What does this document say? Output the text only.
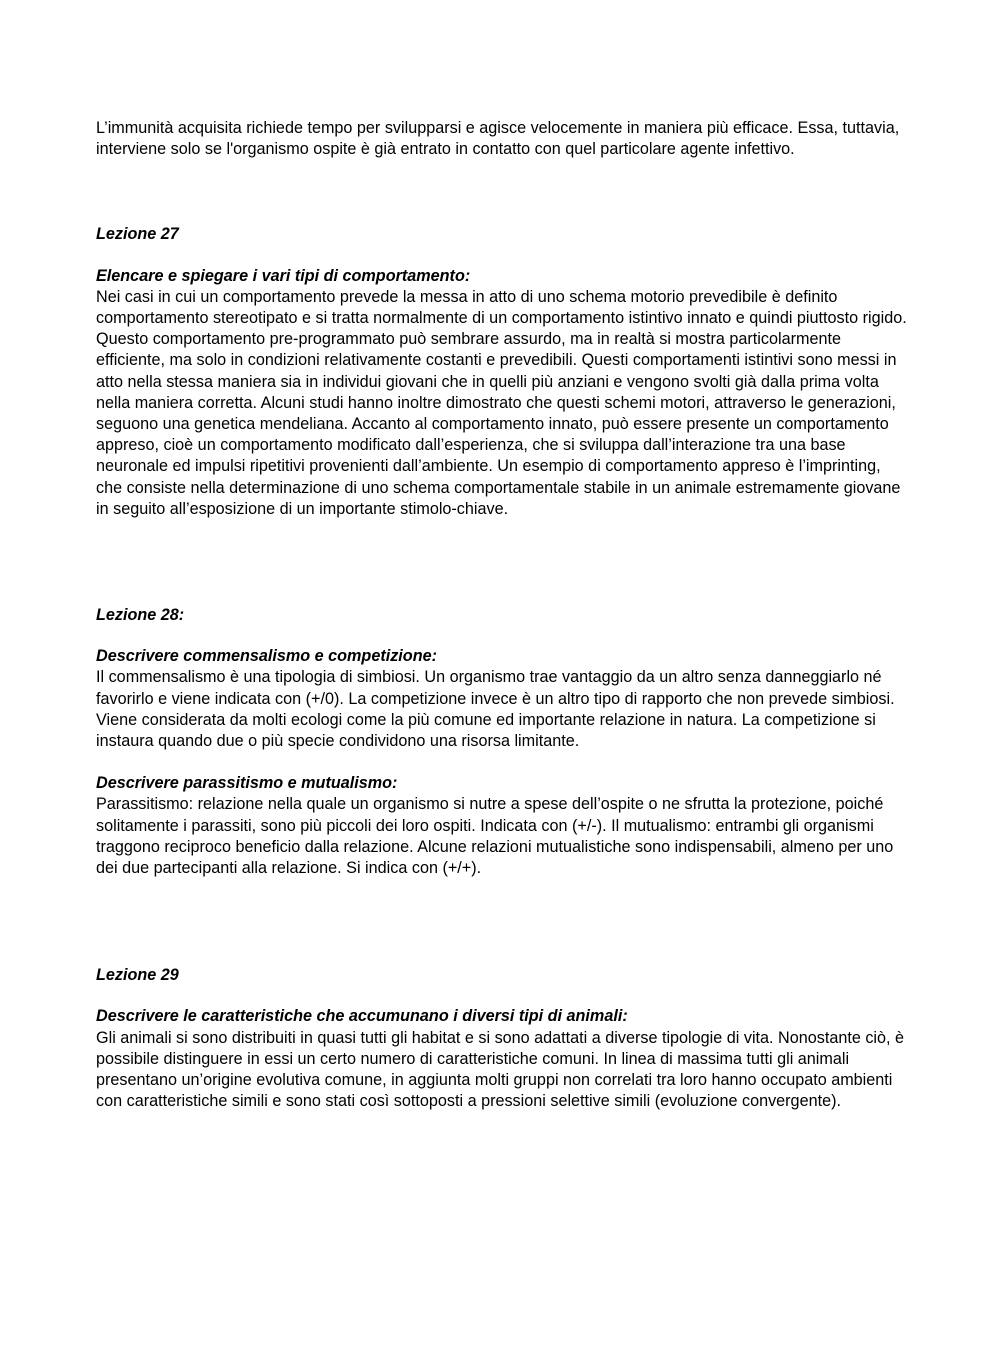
L’immunità acquisita richiede tempo per svilupparsi e agisce velocemente in maniera più efficace. Essa, tuttavia, interviene solo se l'organismo ospite è già entrato in contatto con quel particolare agente infettivo.

Lezione 27

Elencare e spiegare i vari tipi di comportamento:

Nei casi in cui un comportamento prevede la messa in atto di uno schema motorio prevedibile è definito comportamento stereotipato e si tratta normalmente di un comportamento istintivo innato e quindi piuttosto rigido. Questo comportamento pre-programmato può sembrare assurdo, ma in realtà si mostra particolarmente efficiente, ma solo in condizioni relativamente costanti e prevedibili. Questi comportamenti istintivi sono messi in atto nella stessa maniera sia in individui giovani che in quelli più anziani e vengono svolti già dalla prima volta nella maniera corretta. Alcuni studi hanno inoltre dimostrato che questi schemi motori, attraverso le generazioni, seguono una genetica mendeliana. Accanto al comportamento innato, può essere presente un comportamento appreso, cioè un comportamento modificato dall’esperienza, che si sviluppa dall’interazione tra una base neuronale ed impulsi ripetitivi provenienti dall’ambiente. Un esempio di comportamento appreso è l’imprinting, che consiste nella determinazione di uno schema comportamentale stabile in un animale estremamente giovane in seguito all’esposizione di un importante stimolo-chiave.

Lezione 28:

Descrivere commensalismo e competizione:

Il commensalismo è una tipologia di simbiosi. Un organismo trae vantaggio da un altro senza danneggiarlo né favorirlo e viene indicata con (+/0). La competizione invece è un altro tipo di rapporto che non prevede simbiosi. Viene considerata da molti ecologi come la più comune ed importante relazione in natura. La competizione si instaura quando due o più specie condividono una risorsa limitante.

Descrivere parassitismo e mutualismo:

Parassitismo: relazione nella quale un organismo si nutre a spese dell’ospite o ne sfrutta la protezione, poiché solitamente i parassiti, sono più piccoli dei loro ospiti. Indicata con (+/-). Il mutualismo: entrambi gli organismi traggono reciproco beneficio dalla relazione. Alcune relazioni mutualistiche sono indispensabili, almeno per uno dei due partecipanti alla relazione. Si indica con (+/+).

Lezione 29

Descrivere le caratteristiche che accumunano i diversi tipi di animali:

Gli animali si sono distribuiti in quasi tutti gli habitat e si sono adattati a diverse tipologie di vita. Nonostante ciò, è possibile distinguere in essi un certo numero di caratteristiche comuni. In linea di massima tutti gli animali presentano un’origine evolutiva comune, in aggiunta molti gruppi non correlati tra loro hanno occupato ambienti con caratteristiche simili e sono stati così sottoposti a pressioni selettive simili (evoluzione convergente).
